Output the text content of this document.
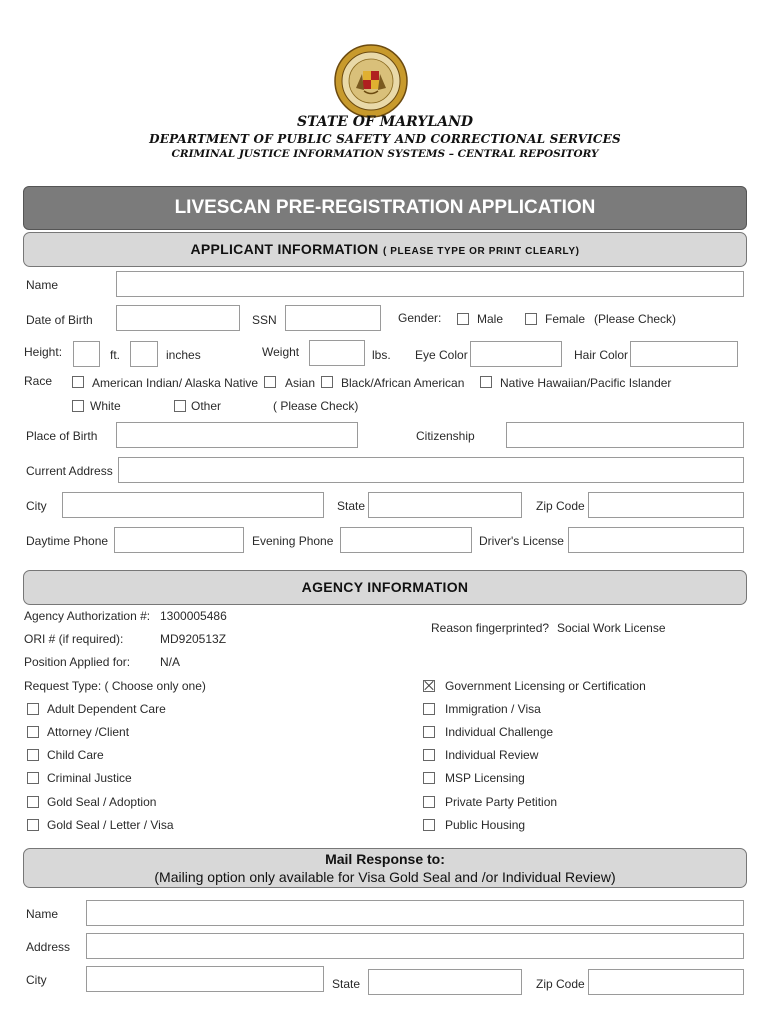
STATE OF MARYLAND
DEPARTMENT OF PUBLIC SAFETY AND CORRECTIONAL SERVICES
CRIMINAL JUSTICE INFORMATION SYSTEMS – CENTRAL REPOSITORY
LIVESCAN PRE-REGISTRATION APPLICATION
APPLICANT INFORMATION ( PLEASE TYPE OR PRINT CLEARLY)
Name
Date of Birth	SSN	Gender:	Male	Female (Please Check)
Height:	ft.	inches	Weight	lbs. Eye Color	Hair Color
Race	American Indian/ Alaska Native Asian Black/African American	Native Hawaiian/Pacific Islander
White	Other	( Please Check)
Place of Birth	Citizenship
Current Address
City	State	Zip Code
Daytime Phone	Evening Phone	Driver's License
AGENCY INFORMATION
Agency Authorization #: 1300005486
ORI # (if required):	MD920513Z
Position Applied for: N/A
Reason fingerprinted? Social Work License
Request Type: ( Choose only one)
Adult Dependent Care
Attorney /Client
Child Care
Criminal Justice
Gold Seal / Adoption
Gold Seal / Letter / Visa
Government Licensing or Certification
Immigration / Visa
Individual Challenge
Individual Review
MSP Licensing
Private Party Petition
Public Housing
Mail Response to:
(Mailing option only available for Visa Gold Seal and /or Individual Review)
Name
Address
City	State	Zip Code
